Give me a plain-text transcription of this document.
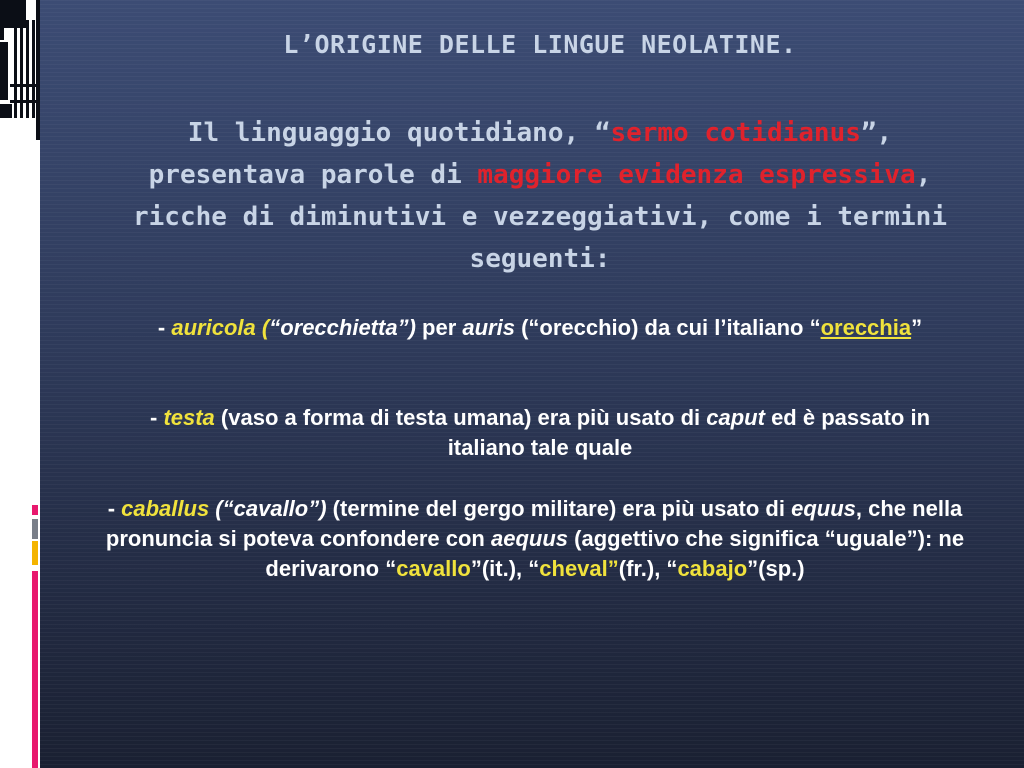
L’ORIGINE DELLE LINGUE NEOLATINE.

Il linguaggio quotidiano, “sermo cotidianus”, presentava parole di maggiore evidenza espressiva, ricche di diminutivi e vezzeggiativi, come i termini seguenti:

- auricola (“orecchietta”) per auris (“orecchio) da cui l’italiano “orecchia”

- testa (vaso a forma di testa umana) era più usato di caput ed è passato in italiano tale quale

- caballus (“cavallo”) (termine del gergo militare) era più usato di equus, che nella pronuncia si poteva confondere con aequus (aggettivo che significa “uguale”): ne derivarono “cavallo”(it.), “cheval”(fr.), “cabajo”(sp.)
